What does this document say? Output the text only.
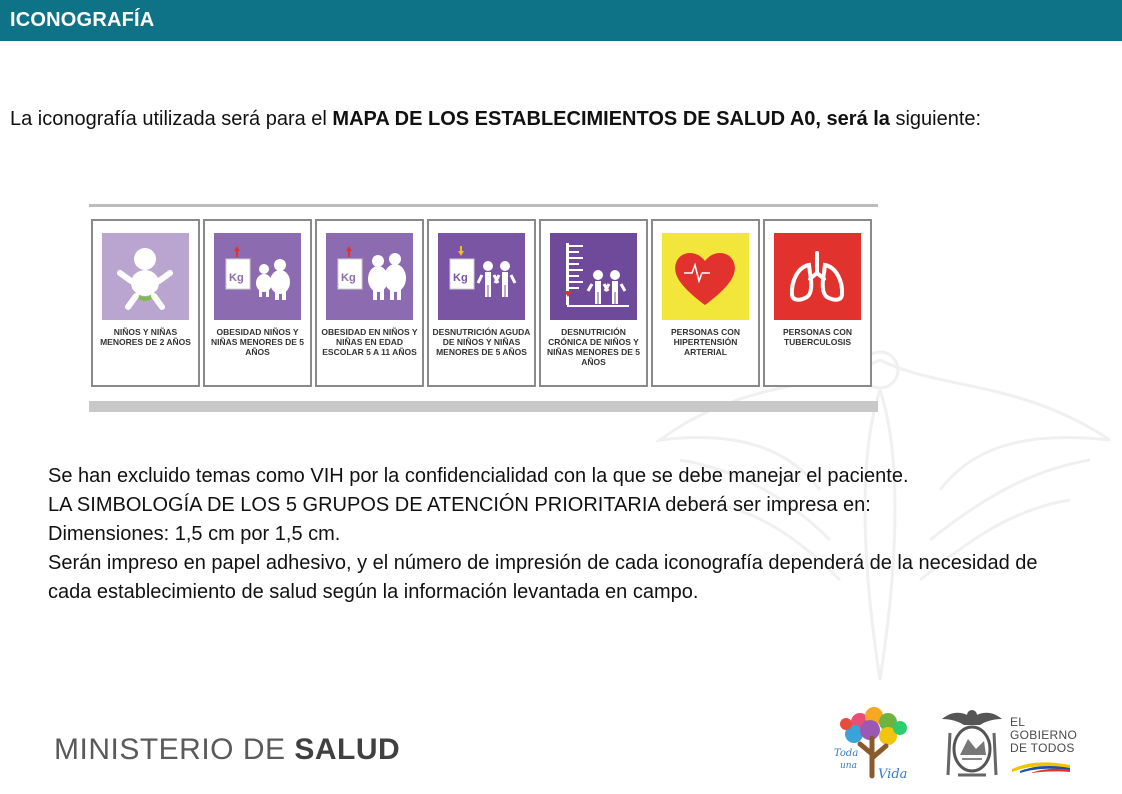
ICONOGRAFÍA
La iconografía utilizada será para el MAPA DE LOS ESTABLECIMIENTOS DE SALUD A0, será la siguiente:
NIÑOS Y NIÑAS MENORES DE 2 AÑOS
Kg
OBESIDAD NIÑOS Y NIÑAS MENORES DE 5 AÑOS
Kg
OBESIDAD EN NIÑOS Y NIÑAS EN EDAD ESCOLAR 5 A 11 AÑOS
Kg
DESNUTRICIÓN AGUDA DE NIÑOS Y NIÑAS MENORES DE 5 AÑOS
DESNUTRICIÓN CRÓNICA DE NIÑOS Y NIÑAS MENORES DE 5 AÑOS
PERSONAS CON HIPERTENSIÓN ARTERIAL
PERSONAS CON TUBERCULOSIS

Se han excluido temas como VIH por la confidencialidad con la que se debe manejar el paciente.

LA SIMBOLOGÍA DE LOS 5 GRUPOS DE ATENCIÓN PRIORITARIA deberá ser impresa en:

Dimensiones: 1,5 cm por 1,5 cm.

Serán impreso en papel adhesivo, y el número de impresión de cada iconografía dependerá de la necesidad de cada establecimiento de salud según la información levantada en campo.

MINISTERIO DE SALUD	Toda
una
Vida
EL
GOBIERNO
DE TODOS
